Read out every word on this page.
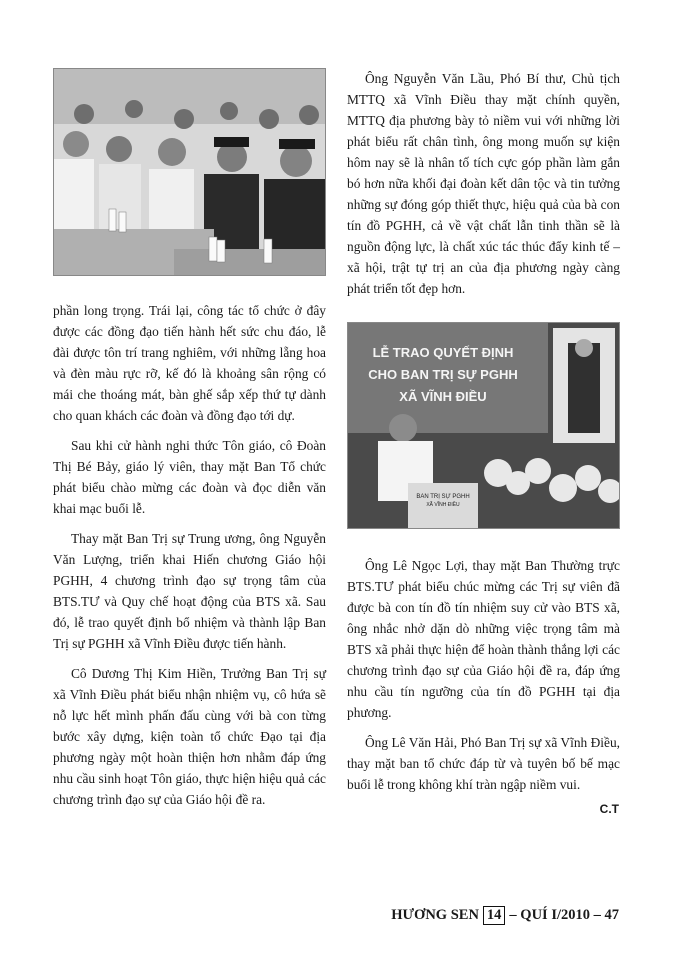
LỄ TRAO QUYẾT ĐỊNH
CHO BAN TRỊ SỰ PGHH
XÃ VĨNH ĐIỀU
BAN TRỊ SỰ PGHH
XÃ VĨNH ĐIỀU

phần long trọng. Trái lại, công tác tổ chức ở đây được các đồng đạo tiến hành hết sức chu đáo, lễ đài được tôn trí trang nghiêm, với những lẵng hoa và đèn màu rực rỡ, kế đó là khoảng sân rộng có mái che thoáng mát, bàn ghế sắp xếp thứ tự dành cho quan khách các đoàn và đồng đạo tới dự.

Sau khi cử hành nghi thức Tôn giáo, cô Đoàn Thị Bé Bảy, giáo lý viên, thay mặt Ban Tổ chức phát biểu chào mừng các đoàn và đọc diễn văn khai mạc buổi lễ.

Thay mặt Ban Trị sự Trung ương, ông Nguyễn Văn Lượng, triển khai Hiến chương Giáo hội PGHH, 4 chương trình đạo sự trọng tâm của BTS.TƯ và Quy chế hoạt động của BTS xã. Sau đó, lễ trao quyết định bổ nhiệm và thành lập Ban Trị sự PGHH xã Vĩnh Điều được tiến hành.

Cô Dương Thị Kim Hiền, Trưởng Ban Trị sự xã Vĩnh Điều phát biểu nhận nhiệm vụ, cô hứa sẽ nỗ lực hết mình phấn đấu cùng với bà con từng bước xây dựng, kiện toàn tổ chức Đạo tại địa phương ngày một hoàn thiện hơn nhằm đáp ứng nhu cầu sinh hoạt Tôn giáo, thực hiện hiệu quả các chương trình đạo sự của Giáo hội đề ra.

Ông Nguyễn Văn Lầu, Phó Bí thư, Chủ tịch MTTQ xã Vĩnh Điều thay mặt chính quyền, MTTQ địa phương bày tỏ niềm vui với những lời phát biểu rất chân tình, ông mong muốn sự kiện hôm nay sẽ là nhân tố tích cực góp phần làm gắn bó hơn nữa khối đại đoàn kết dân tộc và tin tưởng những sự đóng góp thiết thực, hiệu quả của bà con tín đồ PGHH, cả về vật chất lẫn tinh thần sẽ là nguồn động lực, là chất xúc tác thúc đẩy kinh tế – xã hội, trật tự trị an của địa phương ngày càng phát triển tốt đẹp hơn.

Ông Lê Ngọc Lợi, thay mặt Ban Thường trực BTS.TƯ phát biểu chúc mừng các Trị sự viên đã được bà con tín đồ tín nhiệm suy cử vào BTS xã, ông nhắc nhở dặn dò những việc trọng tâm mà BTS xã phải thực hiện để hoàn thành thắng lợi các chương trình đạo sự của Giáo hội đề ra, đáp ứng nhu cầu tín ngưỡng của tín đồ PGHH tại địa phương.

Ông Lê Văn Hải, Phó Ban Trị sự xã Vĩnh Điều, thay mặt ban tổ chức đáp từ và tuyên bố bế mạc buổi lễ trong không khí tràn ngập niềm vui.

C.T
HƯƠNG SEN 14 – QUÍ I/2010 – 47
